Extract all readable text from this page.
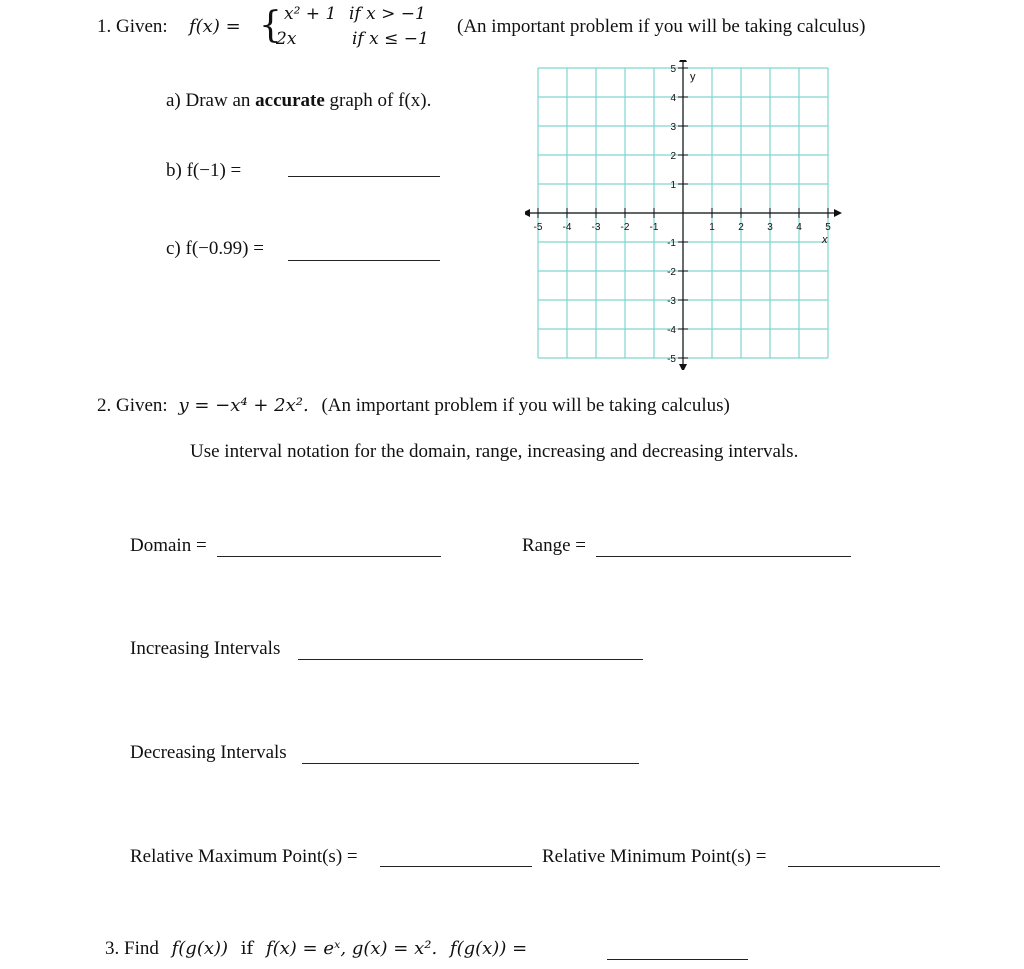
1. Given: f(x) = { x² + 1 if x > −1
2x	if x ≤ −1
(An important problem if you will be taking calculus)
a) Draw an accurate graph of f(x).
b) f(−1) =
c) f(−0.99) =
-5 -4 -3 -2 -1	1 2 3 4 5
5
4
3
2
1
-1
-2
-3
-4
-5
x
y
2. Given: y = −x⁴ + 2x². (An important problem if you will be taking calculus)
Use interval notation for the domain, range, increasing and decreasing intervals.
Domain =	Range =
Increasing Intervals
Decreasing Intervals
Relative Maximum Point(s) =	Relative Minimum Point(s) =
3. Find f(g(x)) if f(x) = eˣ, g(x) = x². f(g(x)) =
